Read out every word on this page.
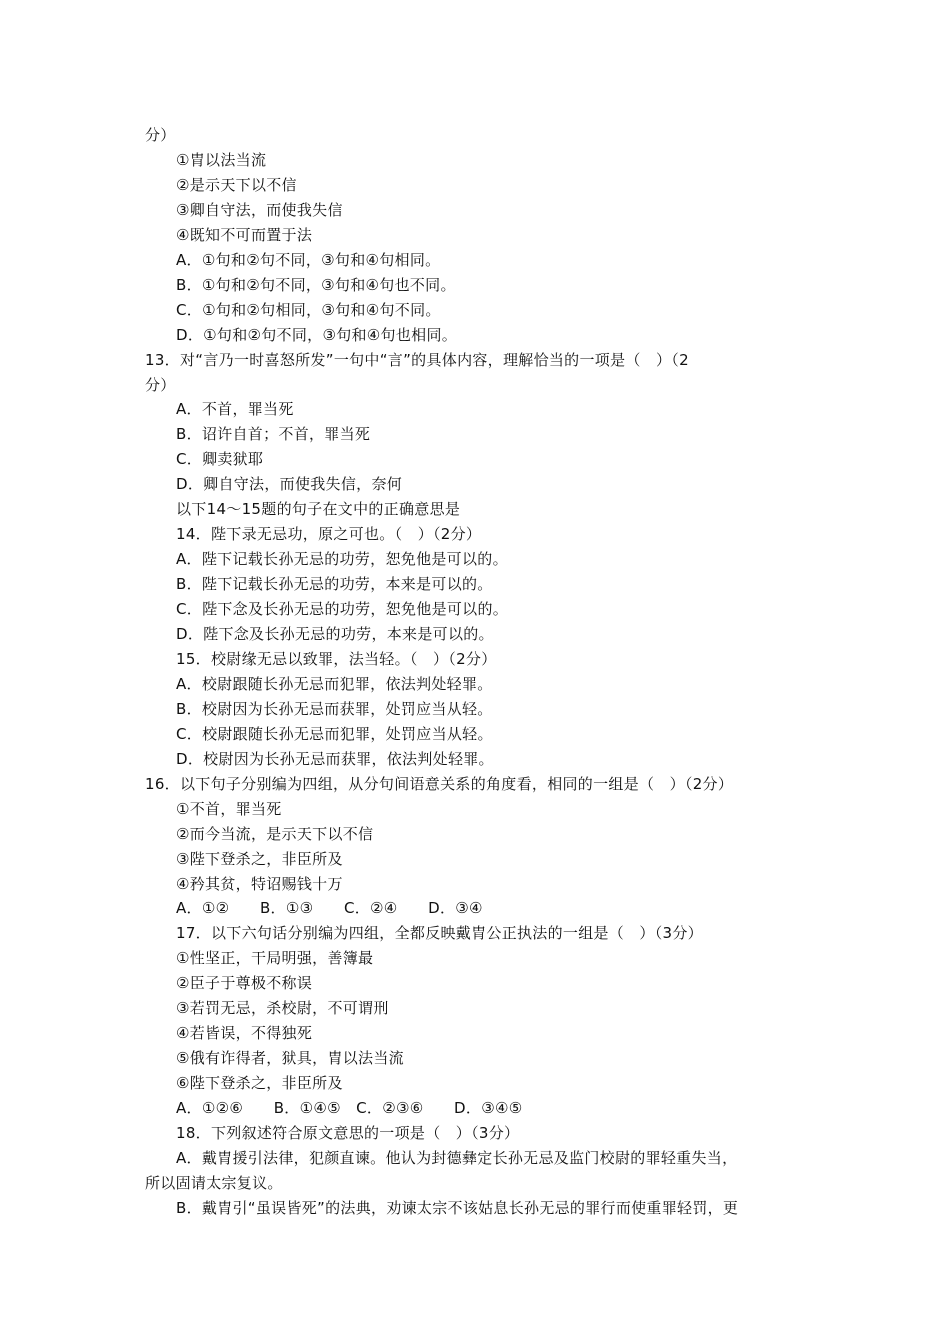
分）
①胄以法当流
②是示天下以不信
③卿自守法，而使我失信
④既知不可而置于法
A．①句和②句不同，③句和④句相同。
B．①句和②句不同，③句和④句也不同。
C．①句和②句相同，③句和④句不同。
D．①句和②句不同，③句和④句也相同。
13．对“言乃一时喜怒所发”一句中“言”的具体内容，理解恰当的一项是（　）（2
分）
A．不首，罪当死
B．诏许自首；不首，罪当死
C．卿卖狱耶
D．卿自守法，而使我失信，奈何
以下14～15题的句子在文中的正确意思是
14．陛下录无忌功，原之可也。（　）（2分）
A．陛下记载长孙无忌的功劳，恕免他是可以的。
B．陛下记载长孙无忌的功劳，本来是可以的。
C．陛下念及长孙无忌的功劳，恕免他是可以的。
D．陛下念及长孙无忌的功劳，本来是可以的。
15．校尉缘无忌以致罪，法当轻。（　）（2分）
A．校尉跟随长孙无忌而犯罪，依法判处轻罪。
B．校尉因为长孙无忌而获罪，处罚应当从轻。
C．校尉跟随长孙无忌而犯罪，处罚应当从轻。
D．校尉因为长孙无忌而获罪，依法判处轻罪。
16．以下句子分别编为四组，从分句间语意关系的角度看，相同的一组是（　）（2分）
①不首，罪当死
②而今当流，是示天下以不信
③陛下登杀之，非臣所及
④矜其贫，特诏赐钱十万
A．①②　　B．①③　　C．②④　　D．③④
17．以下六句话分别编为四组，全都反映戴胄公正执法的一组是（　）（3分）
①性坚正，干局明强，善簿最
②臣子于尊极不称误
③若罚无忌，杀校尉，不可谓刑
④若皆误，不得独死
⑤俄有诈得者，狱具，胄以法当流
⑥陛下登杀之，非臣所及
A．①②⑥　　B．①④⑤　C．②③⑥　　D．③④⑤
18．下列叙述符合原文意思的一项是（　）（3分）
A．戴胄援引法律，犯颜直谏。他认为封德彝定长孙无忌及监门校尉的罪轻重失当，
所以固请太宗复议。
B．戴胄引“虽误皆死”的法典，劝谏太宗不该姑息长孙无忌的罪行而使重罪轻罚，更
